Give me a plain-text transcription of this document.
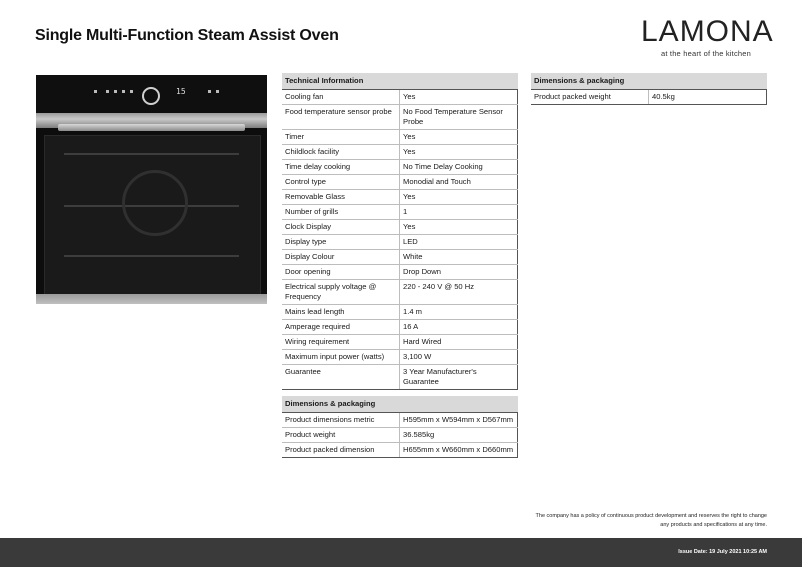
Single Multi-Function Steam Assist Oven	LAMONA
at the heart of the kitchen
15
Technical Information	
Cooling fan	Yes
Food temperature sensor probe	No Food Temperature Sensor Probe
Timer	Yes
Childlock facility	Yes
Time delay cooking	No Time Delay Cooking
Control type	Monodial and Touch
Removable Glass	Yes
Number of grills	1
Clock Display	Yes
Display type	LED
Display Colour	White
Door opening	Drop Down
Electrical supply voltage @ Frequency	220 - 240 V @ 50 Hz
Mains lead length	1.4 m
Amperage required	16 A
Wiring requirement	Hard Wired
Maximum input power (watts)	3,100 W
Guarantee	3 Year Manufacturer's Guarantee
Dimensions & packaging	
Product dimensions metric	H595mm x W594mm x D567mm
Product weight	36.585kg
Product packed dimension	H655mm x W660mm x D660mm
Dimensions & packaging
Product packed weight	40.5kg
The company has a policy of continuous product development and reserves the right to change any products and specifications at any time.
Issue Date: 19 July 2021 10:25 AM
